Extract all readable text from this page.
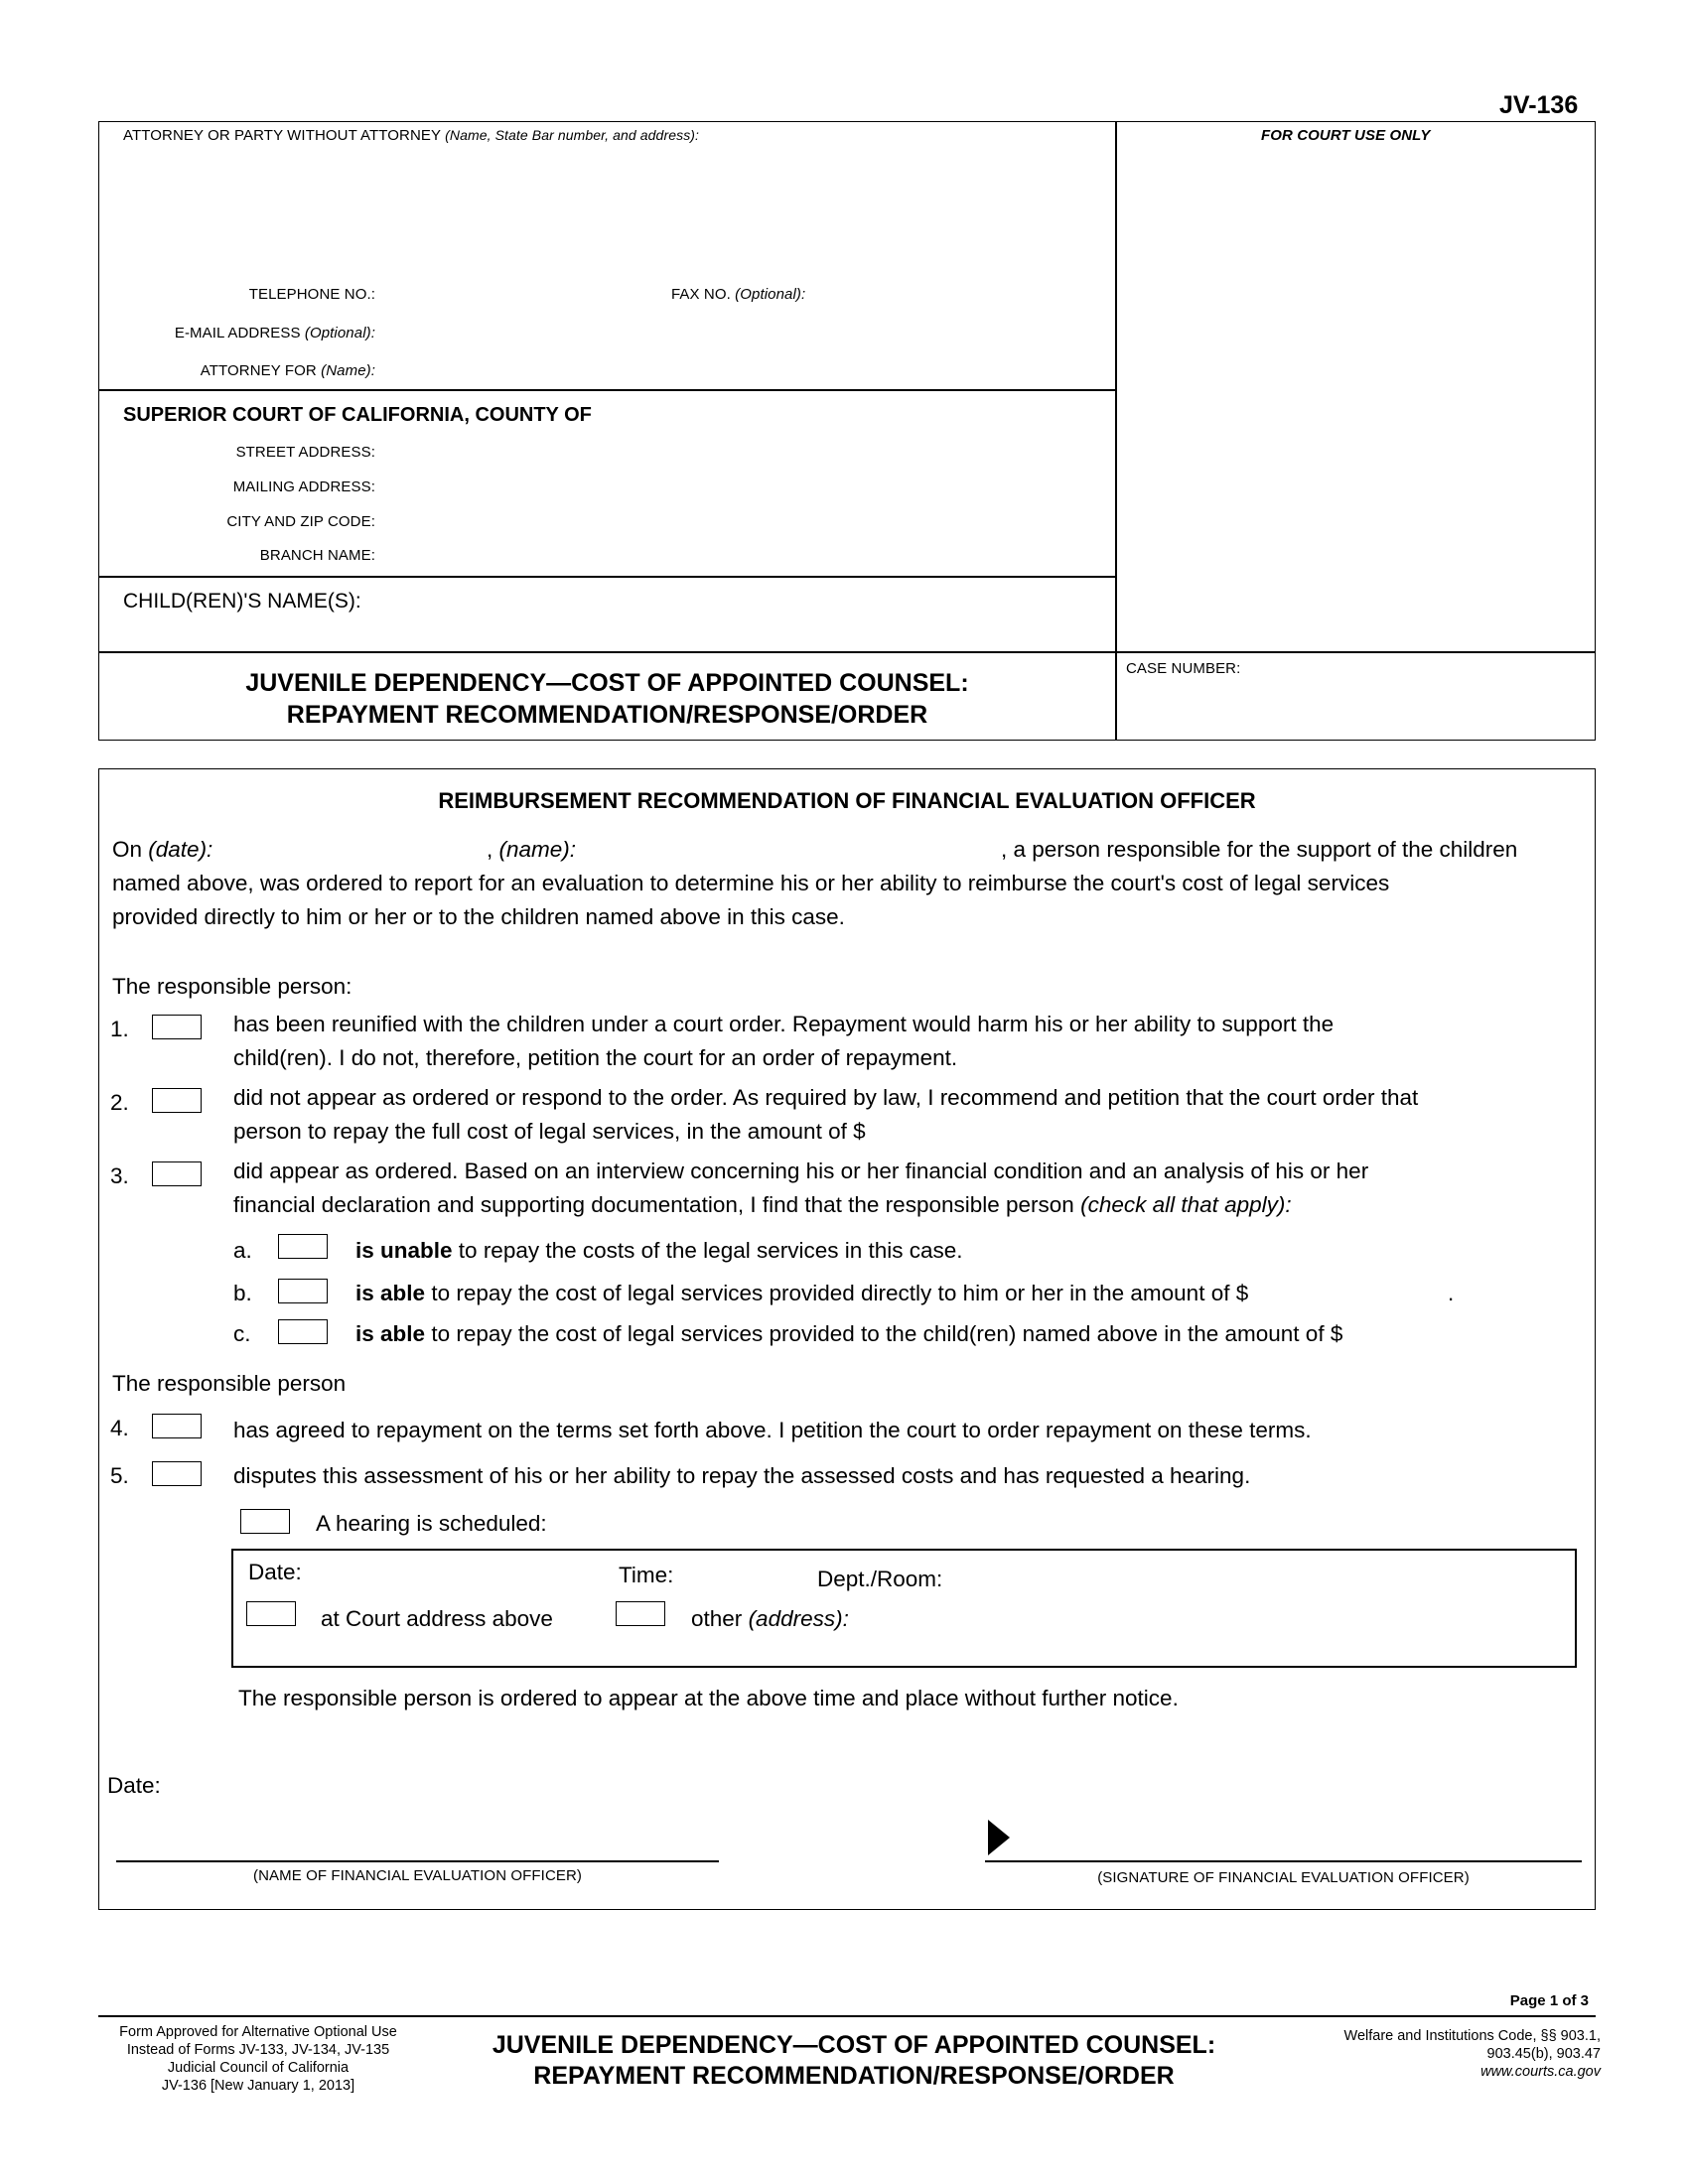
JV-136
ATTORNEY OR PARTY WITHOUT ATTORNEY (Name, State Bar number, and address):	FOR COURT USE ONLY
TELEPHONE NO.:	FAX NO. (Optional):
E-MAIL ADDRESS (Optional):
ATTORNEY FOR (Name):
SUPERIOR COURT OF CALIFORNIA, COUNTY OF
STREET ADDRESS:
MAILING ADDRESS:
CITY AND ZIP CODE:
BRANCH NAME:
CHILD(REN)'S NAME(S):
JUVENILE DEPENDENCY—COST OF APPOINTED COUNSEL:
REPAYMENT RECOMMENDATION/RESPONSE/ORDER
CASE NUMBER:
REIMBURSEMENT RECOMMENDATION OF FINANCIAL EVALUATION OFFICER
On (date):	, (name):	, a person responsible for the support of the children
named above, was ordered to report for an evaluation to determine his or her ability to reimburse the court's cost of legal services
provided directly to him or her or to the children named above in this case.
The responsible person:
1.	has been reunified with the children under a court order. Repayment would harm his or her ability to support the
child(ren). I do not, therefore, petition the court for an order of repayment.
2.	did not appear as ordered or respond to the order. As required by law, I recommend and petition that the court order that
person to repay the full cost of legal services, in the amount of $
3.	did appear as ordered. Based on an interview concerning his or her financial condition and an analysis of his or her
financial declaration and supporting documentation, I find that the responsible person (check all that apply):
a.	is unable to repay the costs of the legal services in this case.
b.	is able to repay the cost of legal services provided directly to him or her in the amount of $	.
c.	is able to repay the cost of legal services provided to the child(ren) named above in the amount of $
The responsible person
4.	has agreed to repayment on the terms set forth above. I petition the court to order repayment on these terms.
5.	disputes this assessment of his or her ability to repay the assessed costs and has requested a hearing.
A hearing is scheduled:
Date:	Time:	Dept./Room:
at Court address above	other (address):
The responsible person is ordered to appear at the above time and place without further notice.
Date:
(NAME OF FINANCIAL EVALUATION OFFICER)	(SIGNATURE OF FINANCIAL EVALUATION OFFICER)
Page 1 of 3
Form Approved for Alternative Optional Use
Instead of Forms JV-133, JV-134, JV-135
Judicial Council of California
JV-136 [New January 1, 2013]
JUVENILE DEPENDENCY—COST OF APPOINTED COUNSEL:
REPAYMENT RECOMMENDATION/RESPONSE/ORDER
Welfare and Institutions Code, §§ 903.1,
903.45(b), 903.47
www.courts.ca.gov
